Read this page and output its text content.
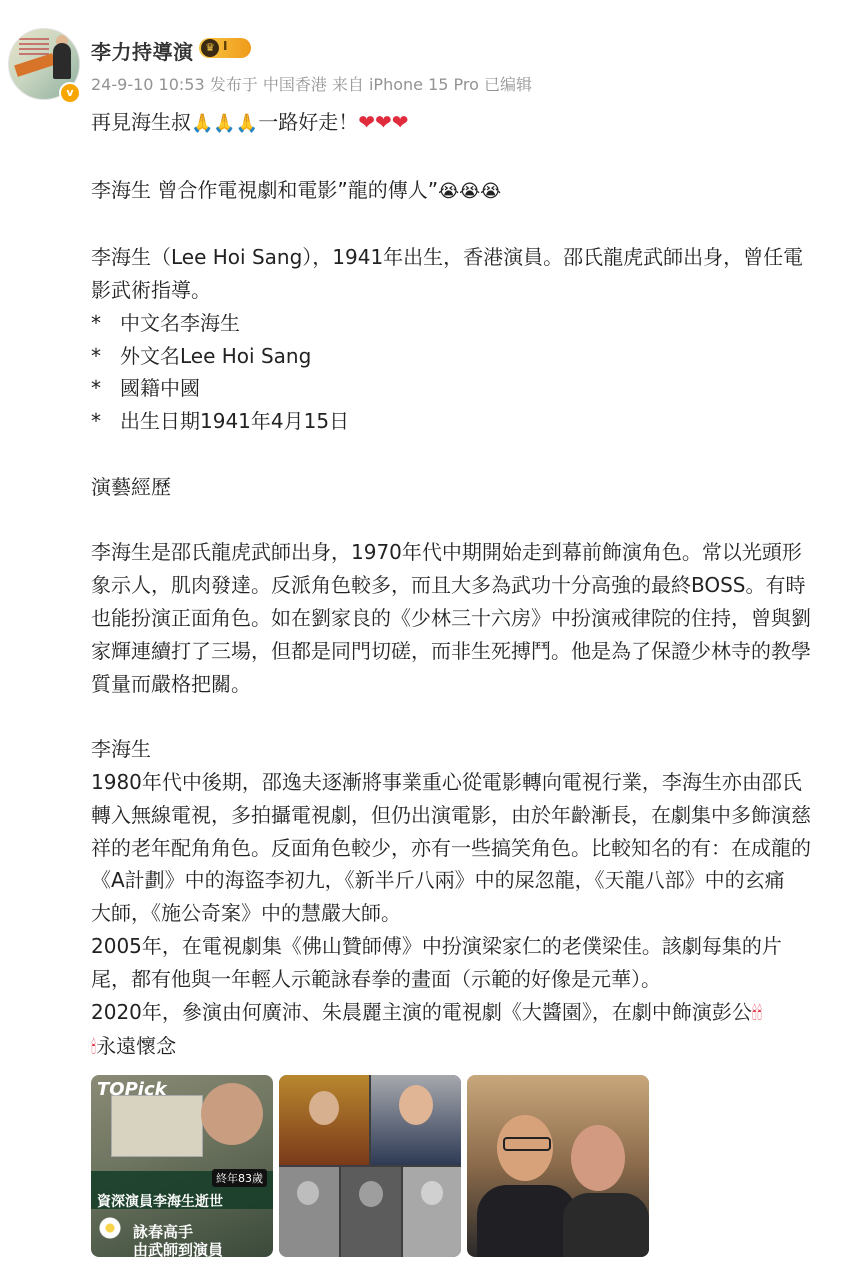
v
李力持導演	♛ I
24-9-10 10:53 发布于 中国香港 来自 iPhone 15 Pro 已编辑
再見海生叔🙏🙏🙏一路好走！❤❤❤
李海生 曾合作電視劇和電影”龍的傳人”😭😭😭
李海生（Lee Hoi Sang），1941年出生，香港演員。邵氏龍虎武師出身，曾任電
影武術指導。
* 中文名李海生
* 外文名Lee Hoi Sang
* 國籍中國
* 出生日期1941年4月15日
演藝經歷
李海生是邵氏龍虎武師出身，1970年代中期開始走到幕前飾演角色。常以光頭形
象示人，肌肉發達。反派角色較多，而且大多為武功十分高強的最終BOSS。有時
也能扮演正面角色。如在劉家良的《少林三十六房》中扮演戒律院的住持，曾與劉
家輝連續打了三場，但都是同門切磋，而非生死搏鬥。他是為了保證少林寺的教學
質量而嚴格把關。
李海生
1980年代中後期，邵逸夫逐漸將事業重心從電影轉向電視行業，李海生亦由邵氏
轉入無線電視，多拍攝電視劇，但仍出演電影，由於年齡漸長，在劇集中多飾演慈
祥的老年配角角色。反面角色較少，亦有一些搞笑角色。比較知名的有：在成龍的
《A計劃》中的海盜李初九，《新半斤八兩》中的屎忽龍，《天龍八部》中的玄痛
大師，《施公奇案》中的慧嚴大師。
2005年，在電視劇集《佛山贊師傅》中扮演梁家仁的老僕梁佳。該劇每集的片
尾，都有他與一年輕人示範詠春拳的畫面（示範的好像是元華）。
2020年，參演由何廣沛、朱晨麗主演的電視劇《大醬園》，在劇中飾演彭公🕯🕯
🕯永遠懷念
TOPick
終年83歲
資深演員李海生逝世
詠春高手
由武師到演員
